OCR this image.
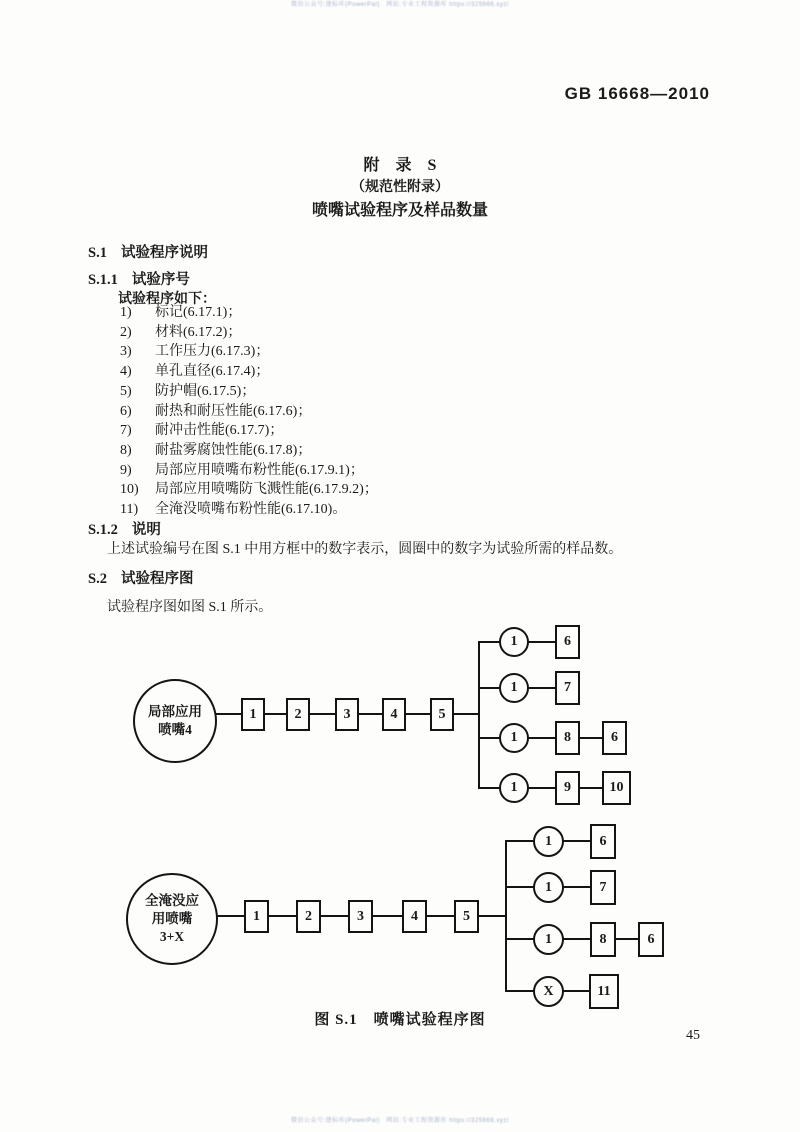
微信公众号:建标库(PowerPal)　网站:专业工程资源库 https://325666.xyz/
微信公众号:建标库(PowerPal)　网站:专业工程资源库 https://325666.xyz/
GB 16668—2010
附　录　S
（规范性附录）
喷嘴试验程序及样品数量
S.1 试验程序说明
S.1.1 试验序号
试验程序如下：
1) 标记(6.17.1)；
2) 材料(6.17.2)；
3) 工作压力(6.17.3)；
4) 单孔直径(6.17.4)；
5) 防护帽(6.17.5)；
6) 耐热和耐压性能(6.17.6)；
7) 耐冲击性能(6.17.7)；
8) 耐盐雾腐蚀性能(6.17.8)；
9) 局部应用喷嘴布粉性能(6.17.9.1)；
10) 局部应用喷嘴防飞溅性能(6.17.9.2)；
11) 全淹没喷嘴布粉性能(6.17.10)。
S.1.2 说明
上述试验编号在图 S.1 中用方框中的数字表示，圆圈中的数字为试验所需的样品数。
S.2 试验程序图
试验程序图如图 S.1 所示。
局部应用
喷嘴4
1	2	3	4	5
1	6
1	7
1	8	6
1	9	10
全淹没应
用喷嘴
3+X
1	2	3	4	5
1	6
1	7
1	8	6
X	11
图 S.1　喷嘴试验程序图
45
